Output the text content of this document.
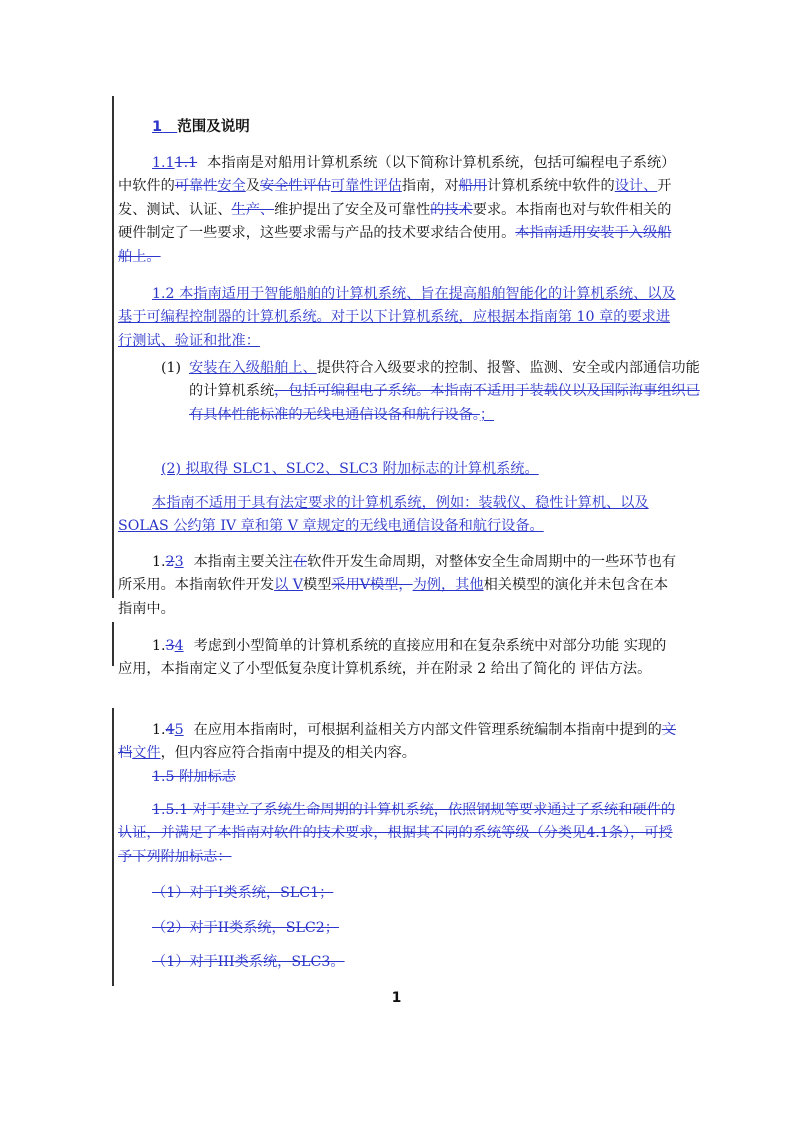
1 范围及说明
1.11.1 本指南是对船用计算机系统（以下简称计算机系统，包括可编程电子系统）中软件的可靠性安全及安全性评估可靠性评估指南，对船用计算机系统中软件的设计、开发、测试、认证、生产、维护提出了安全及可靠性的技术要求。本指南也对与软件相关的硬件制定了一些要求，这些要求需与产品的技术要求结合使用。本指南适用安装于入级船舶上。
1.2 本指南适用于智能船舶的计算机系统、旨在提高船舶智能化的计算机系统、以及基于可编程控制器的计算机系统。对于以下计算机系统，应根据本指南第 10 章的要求进行测试、验证和批准：
(1) 安装在入级船舶上、提供符合入级要求的控制、报警、监测、安全或内部通信功能的计算机系统，包括可编程电子系统。本指南不适用于装载仪以及国际海事组织已有具体性能标准的无线电通信设备和航行设备。；
(2) 拟取得 SLC1、SLC2、SLC3 附加标志的计算机系统。
本指南不适用于具有法定要求的计算机系统，例如：装载仪、稳性计算机、以及 SOLAS 公约第 IV 章和第 V 章规定的无线电通信设备和航行设备。
1.23 本指南主要关注在软件开发生命周期，对整体安全生命周期中的一些环节也有所采用。本指南软件开发以 V模型采用V模型，为例，其他相关模型的演化并未包含在本指南中。
1.34 考虑到小型简单的计算机系统的直接应用和在复杂系统中对部分功能 实现的应用，本指南定义了小型低复杂度计算机系统，并在附录 2 给出了简化的 评估方法。
1.45 在应用本指南时，可根据利益相关方内部文件管理系统编制本指南中提到的文档文件，但内容应符合指南中提及的相关内容。
1.5 附加标志
1.5.1 对于建立了系统生命周期的计算机系统，依照钢规等要求通过了系统和硬件的认证，并满足了本指南对软件的技术要求，根据其不同的系统等级（分类见4.1条），可授予下列附加标志：
（1）对于I类系统，SLC1；
（2）对于II类系统，SLC2；
（1）对于III类系统，SLC3。
1
